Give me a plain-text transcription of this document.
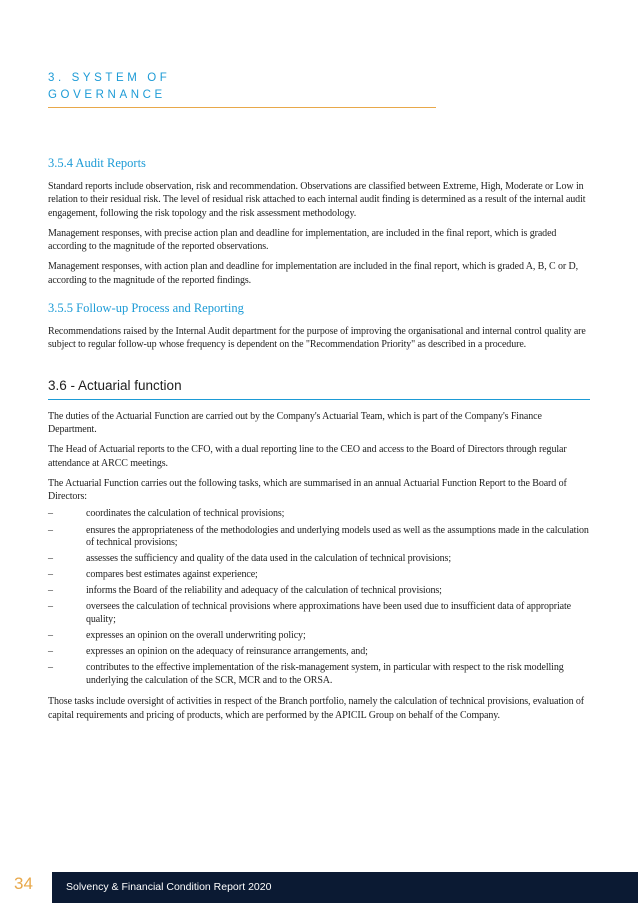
3. SYSTEM OF
GOVERNANCE
3.5.4 Audit Reports

Standard reports include observation, risk and recommendation. Observations are classified between Extreme, High, Moderate or Low in relation to their residual risk. The level of residual risk attached to each internal audit finding is determined as a result of the internal audit engagement, following the risk topology and the risk assessment methodology.

Management responses, with precise action plan and deadline for implementation, are included in the final report, which is graded according to the magnitude of the reported observations.

Management responses, with action plan and deadline for implementation are included in the final report, which is graded A, B, C or D, according to the magnitude of the reported findings.

3.5.5 Follow-up Process and Reporting

Recommendations raised by the Internal Audit department for the purpose of improving the organisational and internal control quality are subject to regular follow-up whose frequency is dependent on the "Recommendation Priority" as described in a procedure.

3.6 - Actuarial function

The duties of the Actuarial Function are carried out by the Company's Actuarial Team, which is part of the Company's Finance Department.

The Head of Actuarial reports to the CFO, with a dual reporting line to the CEO and access to the Board of Directors through regular attendance at ARCC meetings.

The Actuarial Function carries out the following tasks, which are summarised in an annual Actuarial Function Report to the Board of Directors:

–	coordinates the calculation of technical provisions;
–	ensures the appropriateness of the methodologies and underlying models used as well as the assumptions made in the calculation of technical provisions;
–	assesses the sufficiency and quality of the data used in the calculation of technical provisions;
–	compares best estimates against experience;
–	informs the Board of the reliability and adequacy of the calculation of technical provisions;
–	oversees the calculation of technical provisions where approximations have been used due to insufficient data of appropriate quality;
–	expresses an opinion on the overall underwriting policy;
–	expresses an opinion on the adequacy of reinsurance arrangements, and;
–	contributes to the effective implementation of the risk-management system, in particular with respect to the risk modelling underlying the calculation of the SCR, MCR and to the ORSA.

Those tasks include oversight of activities in respect of the Branch portfolio, namely the calculation of technical provisions, evaluation of capital requirements and pricing of products, which are performed by the APICIL Group on behalf of the Company.

34	Solvency & Financial Condition Report 2020
